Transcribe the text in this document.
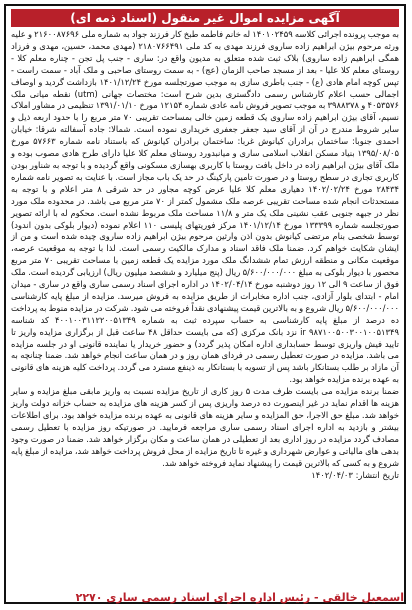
آگهی مزایده اموال غیر منقول (اسناد ذمه ای)

به موجب پرونده اجرائی کلاسه ۱۴۰۱۰۲۴۵۹ له خانم فاطمه طبخ کار فرزند جواد به شماره ملی ۲۱۶۰۰۸۷۶۹۶ و علیه ورثه مرحوم بیژن ابراهیم زاده ساروی فرزند مهدی به کد ملی ۲۱۸۰۷۶۶۴۹۱ (مهدی محمد، حسین، مهدی و فرزاد همگی ابراهیم زاده ساروی) بلاک ثبت شده متعلق به مدیون واقع در: ساری - جنب پل تجن - چناره معلم کلا - روستای معلم کلا علیا - بعد از مسجد صاحب الزمان (عج) - به سمت روستای صاحبی و ملک آباد - سمت راست - تپس کوچه امام هادی (ع) - جنب باطری سازی به موجب صورتجلسه مورخ ۱۴۰۱/۱۲/۲۴ بازداشت گردید و اوصاف اجمالی حسب اعلام کارشناس رسمی دادگستری بدین شرح است: مختصات جهانی (utm) نقطه میانی ملک ۴۰۵۳۵۷۶ و ۳۹۸۸۳۷۸ به موجب تصویر فروش نامه عادی شماره ۱۲۱۵۴ مورخ ۱۳۹۱/۰۱/۱۰ تنظیمی در مشاور املاک نسیم، آقای بیژن ابراهیم زاده ساروی یک قطعه زمین خالی بمساحت تقریبی ۷۰ متر مربع را با حدود اربعه ذیل و سایر شروط مندرج در آن از آقای سید جعفر جعفری خریداری نموده است. شمالا: جاده آسفالته شرقا: خیابان احمدی جنوبا: ساختمان برادران کیانوش غربا: ساختمان برادران کیانوش که باستناد نامه شماره ۵۷۶۶۳ مورخ ۱۳۹۵/۰۸/۰۵ بنیاد مسکن انقلاب اسلامی ساری و میانبدورد روستای معلم کلا علیا دارای طرح هادی مصوب بوده و ملک آقای بیژن ابراهیم زاده در داخل بافت روستا با کاربری بهسازی مسکونی واقع گردیده و با توجه به شناور بودن کاربری تجاری در سطح روستا و در صورت تامین پارکینگ در حد یک باب مجاز است. با عنایت به تصویر نامه شماره ۲۸۴۳۴ مورخ ۱۴۰۲/۰۲/۲۴ دهیاری معلم کلا علیا عرض کوچه مجاور در حد شرقی ۸ متر اعلام و با توجه به مستحدثات انجام شده مساحت تقریبی عرصه ملک مشمول کمتر از ۷۰ متر مربع می باشد. در محدوده ملک مورد نظر در جبهه جنوبی عقب نشینی ملک یک متر و ۱۱/۸ مساحت ملک مربوط نشده است. محکوم له با ارائه تصویر صورتجلسه شماره ۱۳۳۳۹۹ مورخ ۱۴۰۱/۱۲/۱۴ مرکز فوریتهای پلیسی ۱۱۰ اعلام نموده (دیوار بلوکی بدون اندود) توسط شخصی بنام مرتضی کیانوش بدون اذن وارثین مرحوم بیژن ابراهیم زاده ساروی چیده شده است و من از ایشان شکایت خواهم کرد. ضمنا ملک فاقد اسناد و مدارک مالکیت رسمی است. لذا با توجه به موقعیت عرصه، موقعیت مکانی و منطقه ارزش تمام ششدانگ ملک مورد مزایده یک قطعه زمین با مساحت تقریبی ۷۰ متر مربع محصور با دیوار بلوکی به مبلغ ۵/۶۰۰/۰۰۰/۰۰۰ ریال (پنج میلیارد و ششصد میلیون ریال) ارزیابی گردیده است. ملک فوق از ساعت ۹ الی ۱۲ روز دوشنبه مورخ ۱۴۰۲/۰۴/۱۴ در اداره اجرای اسناد رسمی ساری واقع در ساری - میدان امام - ابتدای بلوار آزادی، جنب اداره مخابرات از طریق مزایده به فروش میرسد. مزایده از مبلغ پایه کارشناسی ۵/۶۰۰/۰۰۰/۰۰۰ ریال شروع و به بالاترین قیمت پیشنهادی نقداً فروخته می شود. شرکت در مزایده منوط به پرداخت ده درصد از مبلغ پایه کارشناسی به حساب سپرده ثبت به شماره ۴۰۰۱۰۰۳۱۱۲۲۰۰۵۱۳۴۹ کد شناسه ۹۸۷۱۰۰۵۰۰۳۰۰۱۰۰۵۱۳۴۹ ir نزد بانک مرکزی (که می بایست حداقل ۴۸ ساعت قبل از برگزاری مزایده واریز تا تایید فیش واریزی توسط حسابداری اداره امکان پذیر گردد) و حضور خریدار یا نماینده قانونی او در جلسه مزایده می باشد. مزایده در صورت تعطیل رسمی در فردای همان روز و در همان ساعت انجام خواهد شد. ضمنا چنانچه به آن مازاد بر طلب بستانکار باشد پس از تسویه با بستانکار به ذینفع مسترد می گردد. پرداخت کلیه هزینه های قانونی به عهده برنده مزایده خواهد بود.

ضمنا برنده مزایده می بایست ظرف مدت ۵ روز کاری از تاریخ مزایده نسبت به واریز مابقی مبلغ مزایده و سایر هزینه ها اقدام نماید در غیر اینصورت ده درصد واریزی پس از کسر هزینه های مزایده به حساب خزانه دولت واریز خواهد شد. مبلغ حق الاجرا، حق المزایده و سایر هزینه های قانونی به عهده برنده مزایده خواهد بود. برای اطلاعات بیشتر و بازدید به اداره اجرای اسناد رسمی ساری مراجعه فرمایید. در صورتیکه روز مزایده با تعطیل رسمی مصادف گردد مزایده در روز اداری بعد از تعطیلی در همان ساعت و مکان برگزار خواهد شد. ضمنا در صورت وجود بدهی های مالیاتی و عوارض شهرداری و غیره تا تاریخ مزایده از محل فروش پرداخت خواهد شد، مزایده از مبلغ پایه شروع و به کسی که بالاترین قیمت را پیشنهاد نماید فروخته خواهد شد.

تاریخ انتشار: ۱۴۰۲/۰۴/۰۳

اسمعیل خالقی - رئیس اداره اجرای اسناد رسمی ساری ۲۲۷۰
